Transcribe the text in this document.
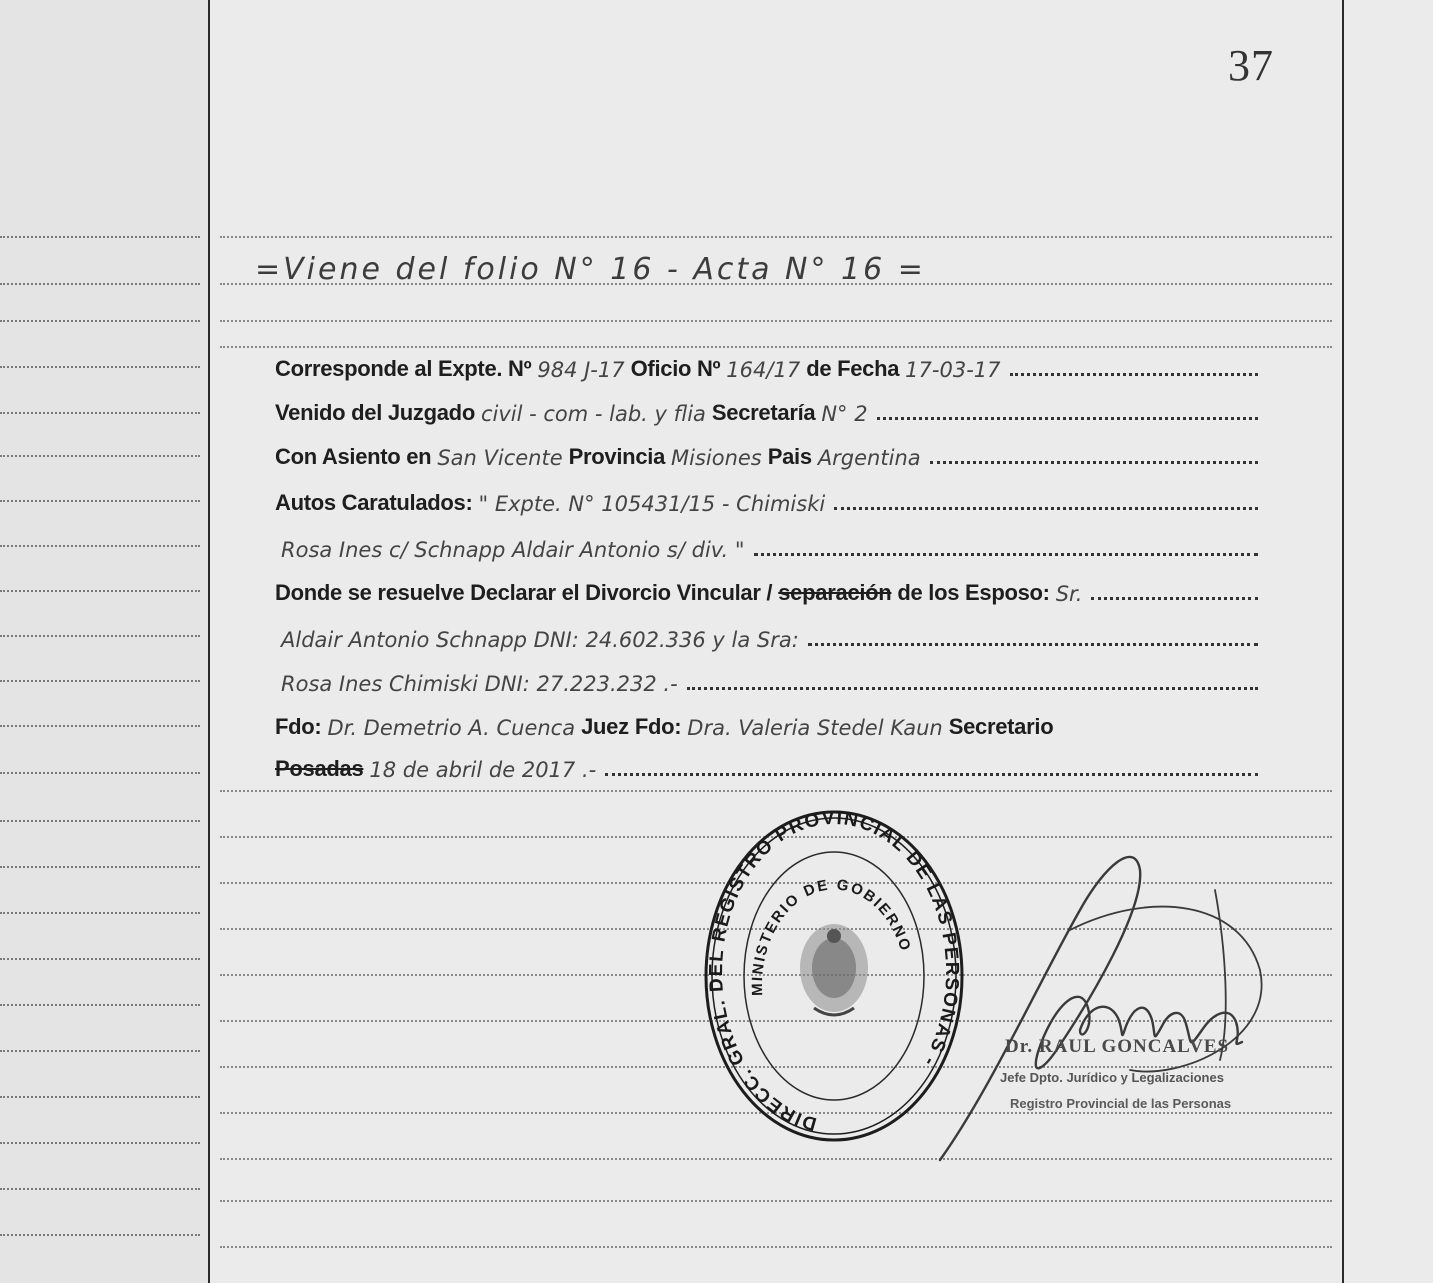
37
=Viene del folio N° 16 - Acta N° 16 =
Corresponde al Expte. Nº 984 J-17 Oficio Nº 164/17 de Fecha 17-03-17
Venido del Juzgado civil - com - lab. y flia Secretaría N° 2
Con Asiento en San Vicente Provincia Misiones Pais Argentina
Autos Caratulados: " Expte. N° 105431/15 - Chimiski
Rosa Ines c/ Schnapp Aldair Antonio s/ div. "
Donde se resuelve Declarar el Divorcio Vincular / separación de los Esposo: Sr.
Aldair Antonio Schnapp DNI: 24.602.336 y la Sra:
Rosa Ines Chimiski DNI: 27.223.232 .-
Fdo: Dr. Demetrio A. Cuenca Juez Fdo: Dra. Valeria Stedel Kaun Secretario
Posadas 18 de abril de 2017 .-
DIRECC. GRAL. DEL REGISTRO PROVINCIAL DE LAS PERSONAS -
MINISTERIO DE GOBIERNO
Dr. RAUL GONCALVES
Jefe Dpto. Jurídico y Legalizaciones
Registro Provincial de las Personas
